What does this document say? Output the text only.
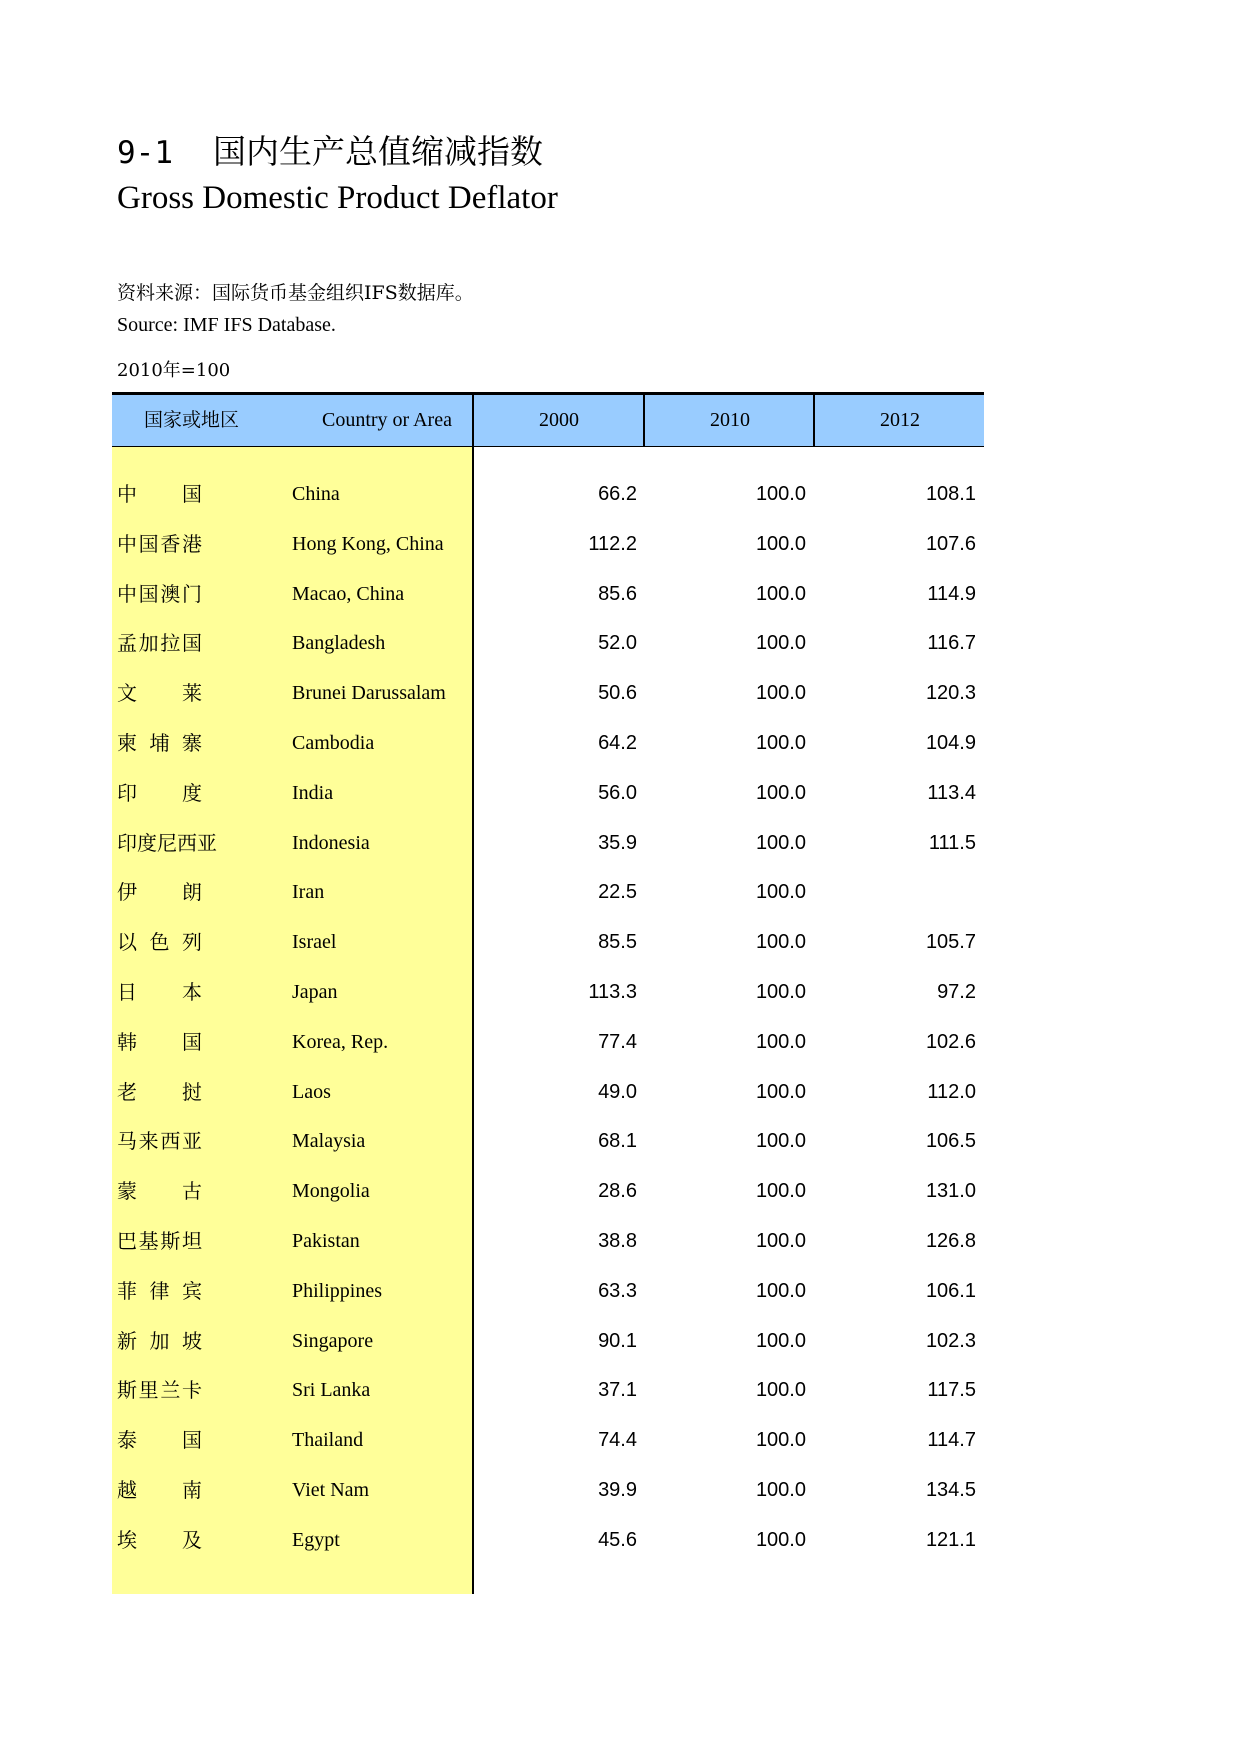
9-1 国内生产总值缩减指数
Gross Domestic Product Deflator
资料来源：国际货币基金组织IFS数据库。
Source: IMF IFS Database.
2010年=100
国家或地区	Country or Area	2000	2010	2012
中国	China	66.2	100.0	108.1
中国香港	Hong Kong, China	112.2	100.0	107.6
中国澳门	Macao, China	85.6	100.0	114.9
孟加拉国	Bangladesh	52.0	100.0	116.7
文莱	Brunei Darussalam	50.6	100.0	120.3
柬埔寨	Cambodia	64.2	100.0	104.9
印度	India	56.0	100.0	113.4
印度尼西亚	Indonesia	35.9	100.0	111.5
伊朗	Iran	22.5	100.0
以色列	Israel	85.5	100.0	105.7
日本	Japan	113.3	100.0	97.2
韩国	Korea, Rep.	77.4	100.0	102.6
老挝	Laos	49.0	100.0	112.0
马来西亚	Malaysia	68.1	100.0	106.5
蒙古	Mongolia	28.6	100.0	131.0
巴基斯坦	Pakistan	38.8	100.0	126.8
菲律宾	Philippines	63.3	100.0	106.1
新加坡	Singapore	90.1	100.0	102.3
斯里兰卡	Sri Lanka	37.1	100.0	117.5
泰国	Thailand	74.4	100.0	114.7
越南	Viet Nam	39.9	100.0	134.5
埃及	Egypt	45.6	100.0	121.1
